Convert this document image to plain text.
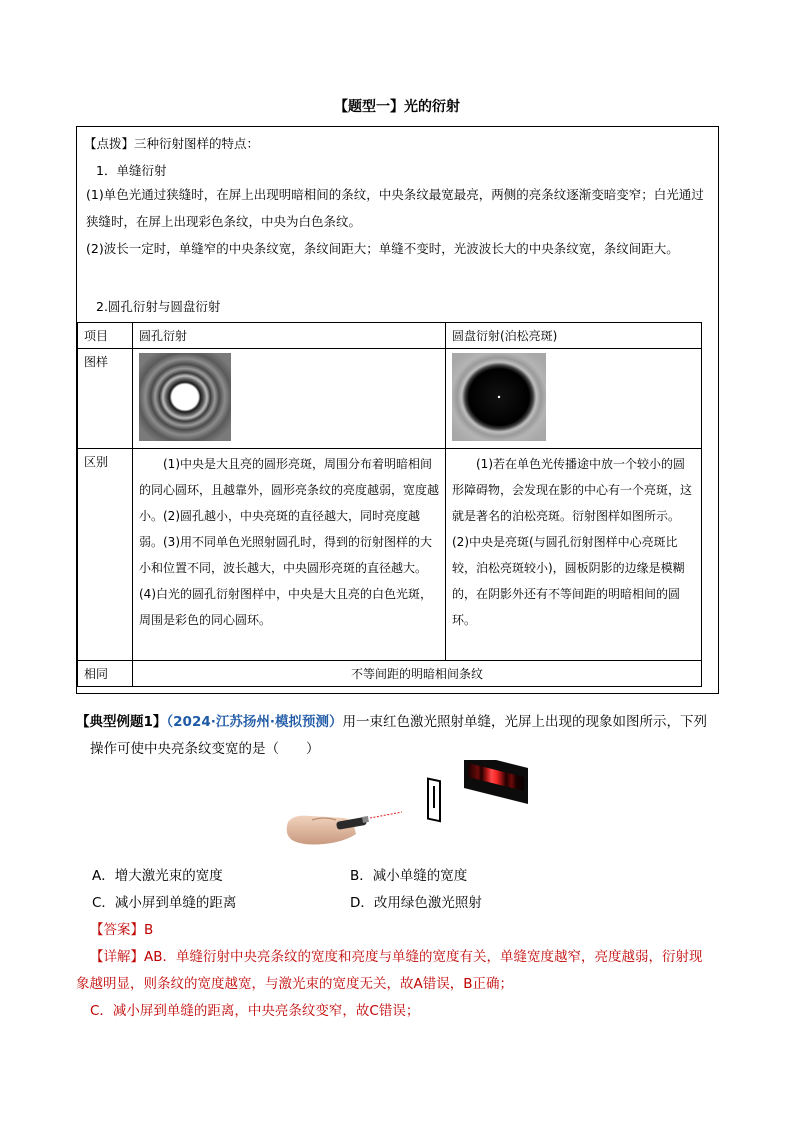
【题型一】光的衍射
【点拨】三种衍射图样的特点：
1．单缝衍射
(1)单色光通过狭缝时，在屏上出现明暗相间的条纹，中央条纹最宽最亮，两侧的亮条纹逐渐变暗变窄；白光通过狭缝时，在屏上出现彩色条纹，中央为白色条纹。
(2)波长一定时，单缝窄的中央条纹宽，条纹间距大；单缝不变时，光波波长大的中央条纹宽，条纹间距大。
2.圆孔衍射与圆盘衍射
项目	圆孔衍射	圆盘衍射(泊松亮斑)
图样	

区别	(1)中央是大且亮的圆形亮斑，周围分布着明暗相间的同心圆环，且越靠外，圆形亮条纹的亮度越弱，宽度越小。(2)圆孔越小，中央亮斑的直径越大，同时亮度越弱。(3)用不同单色光照射圆孔时，得到的衍射图样的大小和位置不同，波长越大，中央圆形亮斑的直径越大。(4)白光的圆孔衍射图样中，中央是大且亮的白色光斑，周围是彩色的同心圆环。	(1)若在单色光传播途中放一个较小的圆形障碍物，会发现在影的中心有一个亮斑，这就是著名的泊松亮斑。衍射图样如图所示。(2)中央是亮斑(与圆孔衍射图样中心亮斑比较，泊松亮斑较小)，圆板阴影的边缘是模糊的，在阴影外还有不等间距的明暗相间的圆环。

相同	不等间距的明暗相间条纹	
【典型例题1】（2024·江苏扬州·模拟预测）用一束红色激光照射单缝，光屏上出现的现象如图所示，下列
操作可使中央亮条纹变宽的是（　　）
A．增大激光束的宽度	B．减小单缝的宽度
C．减小屏到单缝的距离	D．改用绿色激光照射
【答案】B
【详解】AB．单缝衍射中央亮条纹的宽度和亮度与单缝的宽度有关，单缝宽度越窄，亮度越弱，衍射现
象越明显，则条纹的宽度越宽，与激光束的宽度无关，故A错误，B正确；
C．减小屏到单缝的距离，中央亮条纹变窄，故C错误；
